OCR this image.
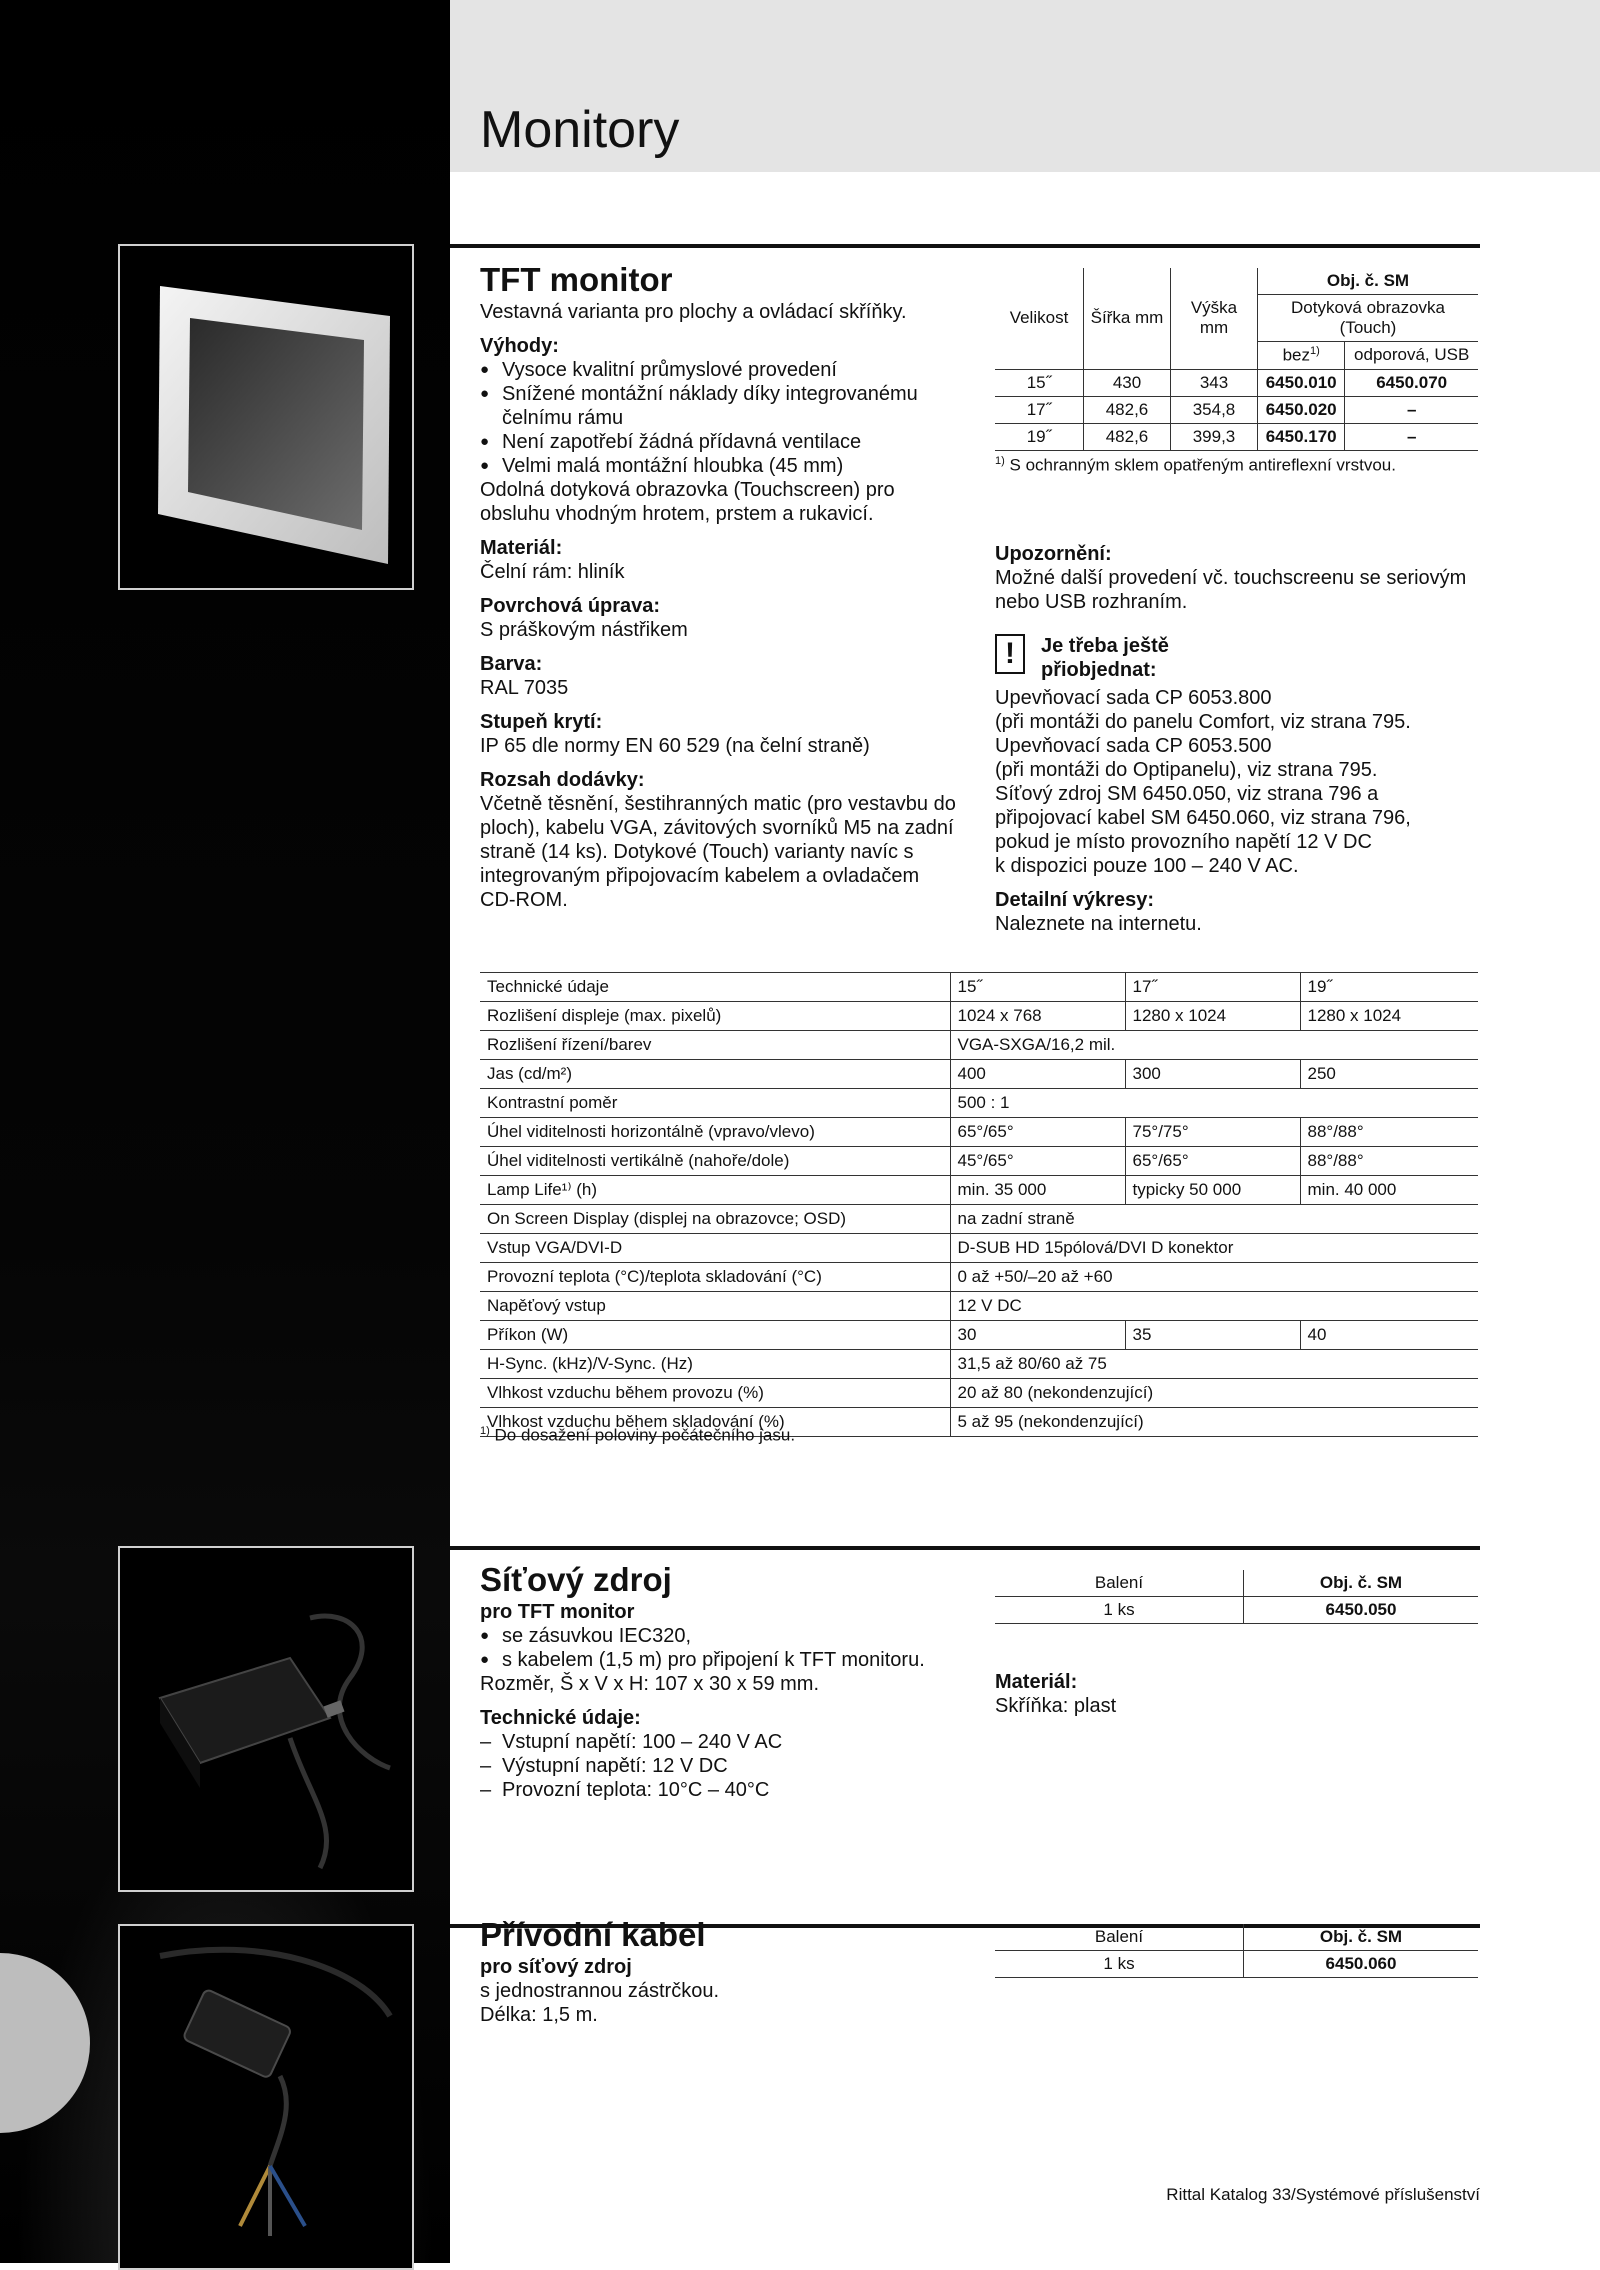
Monitory

TFT monitor

Vestavná varianta pro plochy a ovládací skříňky.

Výhody:

● Vysoce kvalitní průmyslové provedení

● Snížené montážní náklady díky integrovanému čelnímu rámu

● Není zapotřebí žádná přídavná ventilace

● Velmi malá montážní hloubka (45 mm)

Odolná dotyková obrazovka (Touchscreen) pro obsluhu vhodným hrotem, prstem a rukavicí.

Materiál:

Čelní rám: hliník

Povrchová úprava:

S práškovým nástřikem

Barva:

RAL 7035

Stupeň krytí:

IP 65 dle normy EN 60 529 (na čelní straně)

Rozsah dodávky:

Včetně těsnění, šestihranných matic (pro vestavbu do ploch), kabelu VGA, závitových svorníků M5 na zadní straně (14 ks). Dotykové (Touch) varianty navíc s integrovaným připojovacím kabelem a ovladačem CD-ROM.

Velikost	Šířka mm	Výška mm	Obj. č. SM	
			Dotyková obrazovka (Touch)	
			bez$^{1)}$	odporová, USB
15˝	430	343	6450.010	6450.070
17˝	482,6	354,8	6450.020	–
19˝	482,6	399,3	6450.170	–

$^{1)}$ S ochranným sklem opatřeným antireflexní vrstvou.

Upozornění:

Možné další provedení vč. touchscreenu se seriovým nebo USB rozhraním.

!	Je třeba ještě přiobjednat:

Upevňovací sada CP 6053.800

(při montáži do panelu Comfort, viz strana 795.

Upevňovací sada CP 6053.500

(při montáži do Optipanelu), viz strana 795.

Síťový zdroj SM 6450.050, viz strana 796 a

připojovací kabel SM 6450.060, viz strana 796,

pokud je místo provozního napětí 12 V DC

k dispozici pouze 100 – 240 V AC.

Detailní výkresy:

Naleznete na internetu.

Technické údaje	15˝	17˝	19˝
Rozlišení displeje (max. pixelů)	1024 x 768	1280 x 1024	1280 x 1024
Rozlišení řízení/barev	VGA-SXGA/16,2 mil.		
Jas (cd/m²)	400	300	250
Kontrastní poměr	500 : 1		
Úhel viditelnosti horizontálně (vpravo/vlevo)	65°/65°	75°/75°	88°/88°
Úhel viditelnosti vertikálně (nahoře/dole)	45°/65°	65°/65°	88°/88°
Lamp Life¹⁾ (h)	min. 35 000	typicky 50 000	min. 40 000
On Screen Display (displej na obrazovce; OSD)	na zadní straně		
Vstup VGA/DVI-D	D-SUB HD 15pólová/DVI D konektor		
Provozní teplota (°C)/teplota skladování (°C)	0 až +50/–20 až +60		
Napěťový vstup	12 V DC		
Příkon (W)	30	35	40
H-Sync. (kHz)/V-Sync. (Hz)	31,5 až 80/60 až 75		
Vlhkost vzduchu během provozu (%)	20 až 80 (nekondenzující)		
Vlhkost vzduchu během skladování (%)	5 až 95 (nekondenzující)		

$^{1)}$ Do dosažení poloviny počátečního jasu.

Síťový zdroj

pro TFT monitor

● se zásuvkou IEC320,

● s kabelem (1,5 m) pro připojení k TFT monitoru.

Rozměr, Š x V x H: 107 x 30 x 59 mm.

Technické údaje:

– Vstupní napětí: 100 – 240 V AC

– Výstupní napětí: 12 V DC

– Provozní teplota: 10°C – 40°C

Balení	Obj. č. SM
1 ks	6450.050

Materiál:

Skříňka: plast

Přívodní kabel

pro síťový zdroj

s jednostrannou zástrčkou.

Délka: 1,5 m.

Balení	Obj. č. SM
1 ks	6450.060
Rittal Katalog 33/Systémové příslušenství
